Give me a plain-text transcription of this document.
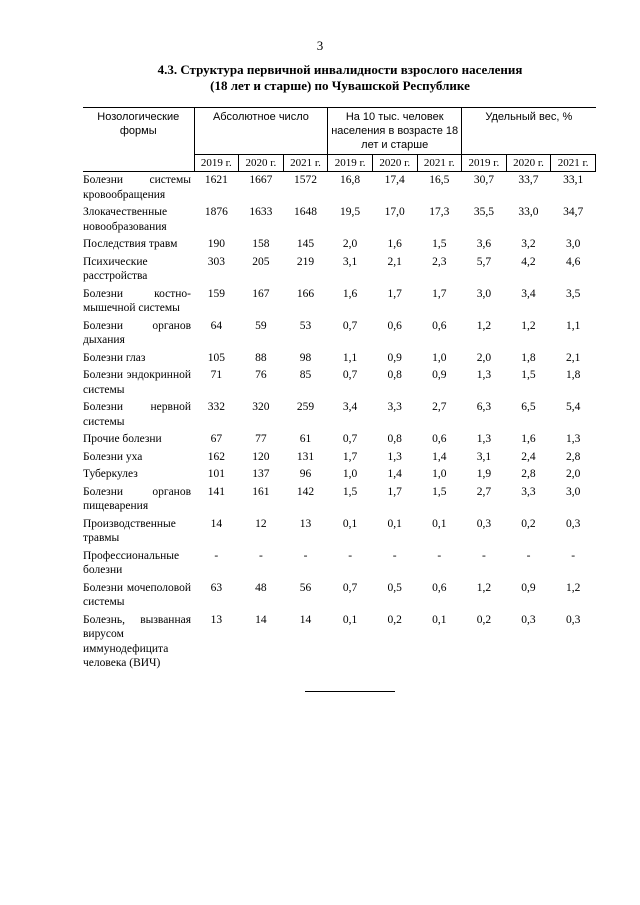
3
4.3. Структура первичной инвалидности взрослого населения
(18 лет и старше) по Чувашской Республике
Нозологические формы	Абсолютное число			На 10 тыс. человек населения в возрасте 18 лет и старше			Удельный вес, %		
	2019 г.	2020 г.	2021 г.	2019 г.	2020 г.	2021 г.	2019 г.	2020 г.	2021 г.
Болезни системы кровообращения	1621	1667	1572	16,8	17,4	16,5	30,7	33,7	33,1
Злокачественные новообразования	1876	1633	1648	19,5	17,0	17,3	35,5	33,0	34,7
Последствия травм	190	158	145	2,0	1,6	1,5	3,6	3,2	3,0
Психические расстройства	303	205	219	3,1	2,1	2,3	5,7	4,2	4,6
Болезни костно-мышечной системы	159	167	166	1,6	1,7	1,7	3,0	3,4	3,5
Болезни органов дыхания	64	59	53	0,7	0,6	0,6	1,2	1,2	1,1
Болезни глаз	105	88	98	1,1	0,9	1,0	2,0	1,8	2,1
Болезни эндокринной системы	71	76	85	0,7	0,8	0,9	1,3	1,5	1,8
Болезни нервной системы	332	320	259	3,4	3,3	2,7	6,3	6,5	5,4
Прочие болезни	67	77	61	0,7	0,8	0,6	1,3	1,6	1,3
Болезни уха	162	120	131	1,7	1,3	1,4	3,1	2,4	2,8
Туберкулез	101	137	96	1,0	1,4	1,0	1,9	2,8	2,0
Болезни органов пищеварения	141	161	142	1,5	1,7	1,5	2,7	3,3	3,0
Производственные травмы	14	12	13	0,1	0,1	0,1	0,3	0,2	0,3
Профессиональные болезни	-	-	-	-	-	-	-	-	-
Болезни мочеполовой системы	63	48	56	0,7	0,5	0,6	1,2	0,9	1,2
Болезнь, вызванная вирусом иммунодефицита человека (ВИЧ)	13	14	14	0,1	0,2	0,1	0,2	0,3	0,3
